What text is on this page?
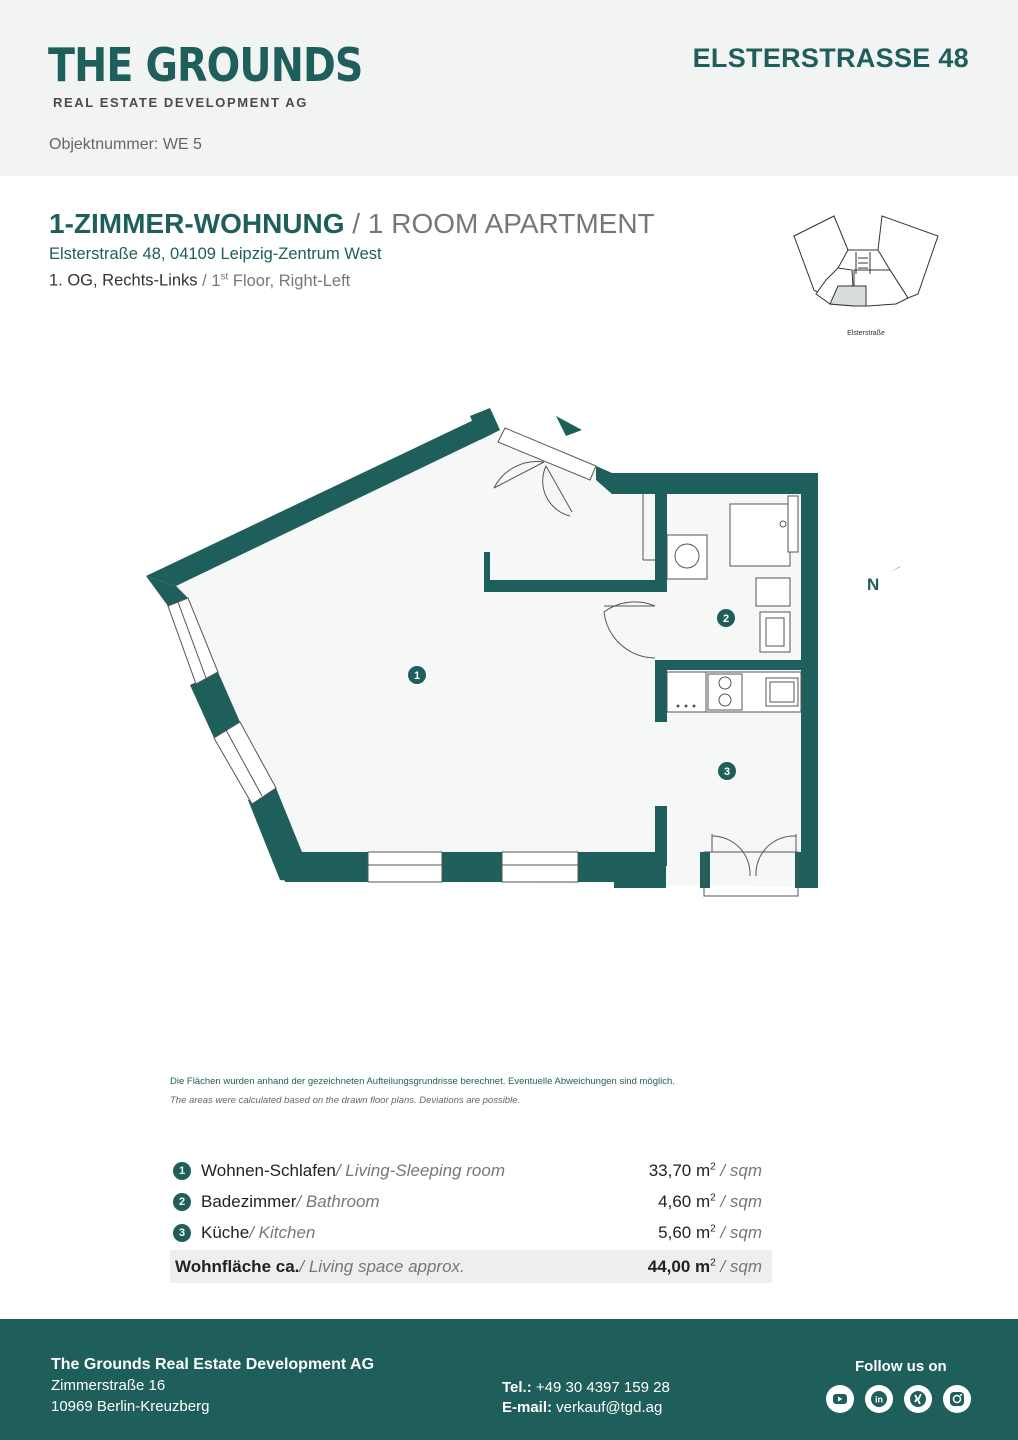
THE GROUNDS
REAL ESTATE DEVELOPMENT AG
ELSTERSTRASSE 48
Objektnummer: WE 5
1-ZIMMER-WOHNUNG / 1 ROOM APARTMENT
Elsterstraße 48, 04109 Leipzig-Zentrum West
1. OG, Rechts-Links / 1st Floor, Right-Left
Elsterstraße
1
2
3
N
Die Flächen wurden anhand der gezeichneten Aufteilungsgrundrisse berechnet. Eventuelle Abweichungen sind möglich.
The areas were calculated based on the drawn floor plans. Deviations are possible.
1 Wohnen-Schlafen / Living-Sleeping room	33,70 $m^2$ / sqm
2 Badezimmer / Bathroom	4,60 $m^2$ / sqm
3 Küche / Kitchen	5,60 $m^2$ / sqm
Wohnfläche ca. / Living space approx.	44,00 $m^2$ / sqm
The Grounds Real Estate Development AG
Zimmerstraße 16
10969 Berlin-Kreuzberg
Tel.: +49 30 4397 159 28
E-mail: verkauf@tgd.ag
Follow us on
in
